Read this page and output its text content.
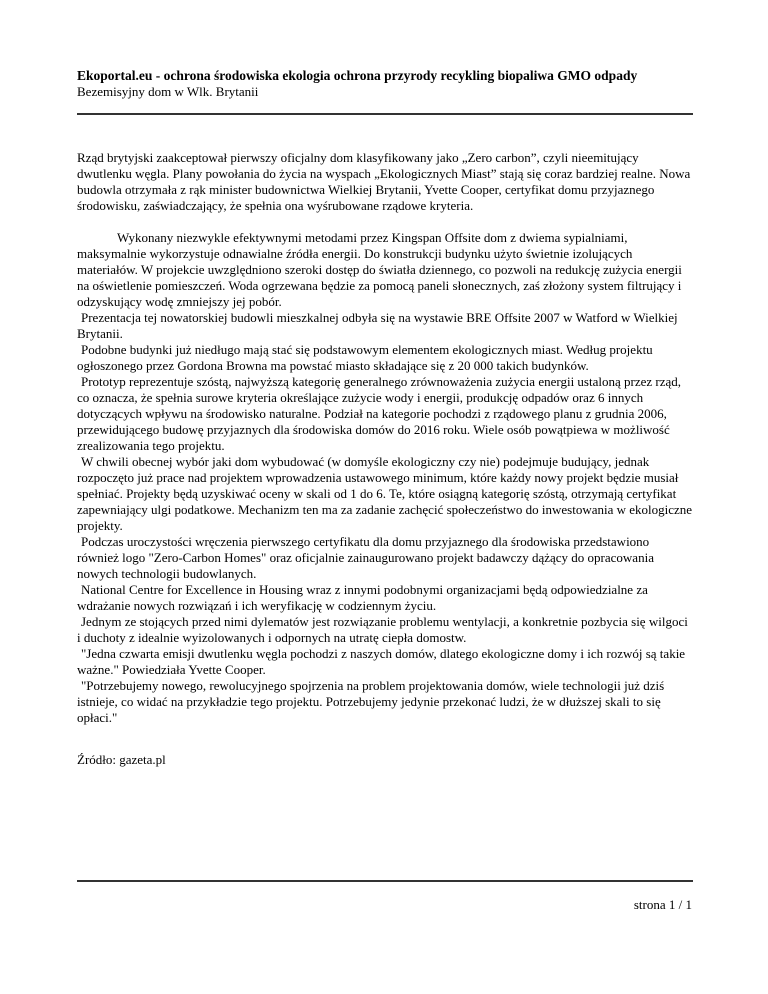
Ekoportal.eu - ochrona środowiska ekologia ochrona przyrody recykling biopaliwa GMO odpady
Bezemisyjny dom w Wlk. Brytanii

Rząd brytyjski zaakceptował pierwszy oficjalny dom klasyfikowany jako „Zero carbon”, czyli nieemitujący dwutlenku węgla. Plany powołania do życia na wyspach „Ekologicznych Miast” stają się coraz bardziej realne. Nowa budowla otrzymała z rąk minister budownictwa Wielkiej Brytanii, Yvette Cooper, certyfikat domu przyjaznego środowisku, zaświadczający, że spełnia ona wyśrubowane rządowe kryteria.

Wykonany niezwykle efektywnymi metodami przez Kingspan Offsite dom z dwiema sypialniami, maksymalnie wykorzystuje odnawialne źródła energii. Do konstrukcji budynku użyto świetnie izolujących materiałów. W projekcie uwzględniono szeroki dostęp do światła dziennego, co pozwoli na redukcję zużycia energii na oświetlenie pomieszczeń. Woda ogrzewana będzie za pomocą paneli słonecznych, zaś złożony system filtrujący i odzyskujący wodę zmniejszy jej pobór.

Prezentacja tej nowatorskiej budowli mieszkalnej odbyła się na wystawie BRE Offsite 2007 w Watford w Wielkiej Brytanii.

Podobne budynki już niedługo mają stać się podstawowym elementem ekologicznych miast. Według projektu ogłoszonego przez Gordona Browna ma powstać miasto składające się z 20 000 takich budynków.

Prototyp reprezentuje szóstą, najwyższą kategorię generalnego zrównoważenia zużycia energii ustaloną przez rząd, co oznacza, że spełnia surowe kryteria określające zużycie wody i energii, produkcję odpadów oraz 6 innych dotyczących wpływu na środowisko naturalne. Podział na kategorie pochodzi z rządowego planu z grudnia 2006, przewidującego budowę przyjaznych dla środowiska domów do 2016 roku. Wiele osób powątpiewa w możliwość zrealizowania tego projektu.

W chwili obecnej wybór jaki dom wybudować (w domyśle ekologiczny czy nie) podejmuje budujący, jednak rozpoczęto już prace nad projektem wprowadzenia ustawowego minimum, które każdy nowy projekt będzie musiał spełniać. Projekty będą uzyskiwać oceny w skali od 1 do 6. Te, które osiągną kategorię szóstą, otrzymają certyfikat zapewniający ulgi podatkowe. Mechanizm ten ma za zadanie zachęcić społeczeństwo do inwestowania w ekologiczne projekty.

Podczas uroczystości wręczenia pierwszego certyfikatu dla domu przyjaznego dla środowiska przedstawiono również logo "Zero-Carbon Homes" oraz oficjalnie zainaugurowano projekt badawczy dążący do opracowania nowych technologii budowlanych.

National Centre for Excellence in Housing wraz z innymi podobnymi organizacjami będą odpowiedzialne za wdrażanie nowych rozwiązań i ich weryfikację w codziennym życiu.

Jednym ze stojących przed nimi dylematów jest rozwiązanie problemu wentylacji, a konkretnie pozbycia się wilgoci i duchoty z idealnie wyizolowanych i odpornych na utratę ciepła domostw.

"Jedna czwarta emisji dwutlenku węgla pochodzi z naszych domów, dlatego ekologiczne domy i ich rozwój są takie ważne." Powiedziała Yvette Cooper.

"Potrzebujemy nowego, rewolucyjnego spojrzenia na problem projektowania domów, wiele technologii już dziś istnieje, co widać na przykładzie tego projektu. Potrzebujemy jedynie przekonać ludzi, że w dłuższej skali to się opłaci."

Źródło: gazeta.pl

strona 1 / 1
